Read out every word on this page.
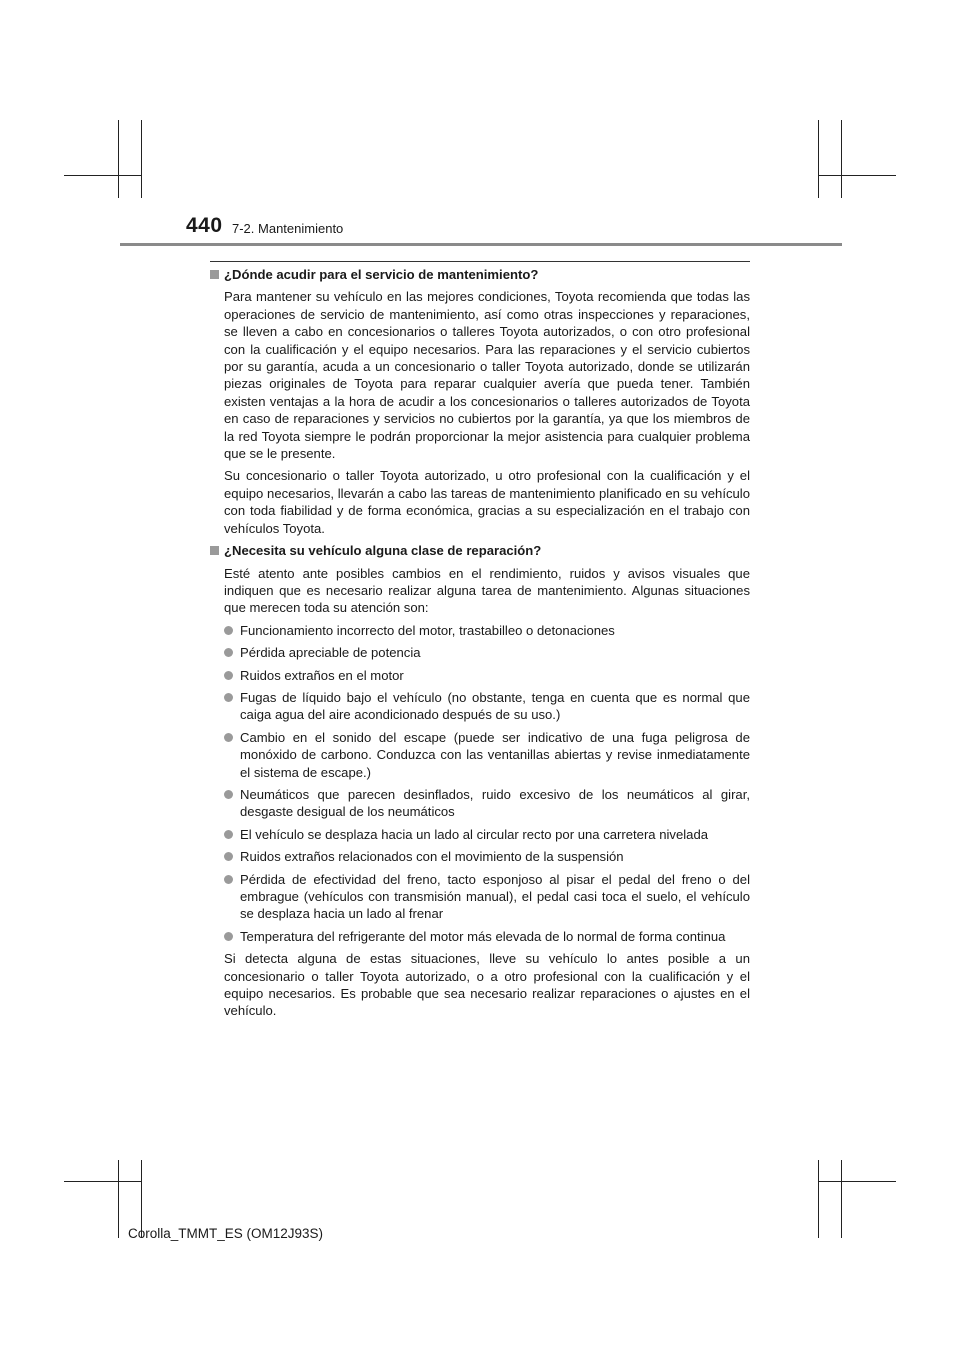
440 7-2. Mantenimiento
¿Dónde acudir para el servicio de mantenimiento?

Para mantener su vehículo en las mejores condiciones, Toyota recomienda que todas las operaciones de servicio de mantenimiento, así como otras inspecciones y reparaciones, se lleven a cabo en concesionarios o talleres Toyota autorizados, o con otro profesional con la cualificación y el equipo necesarios. Para las reparaciones y el servicio cubiertos por su garantía, acuda a un concesionario o taller Toyota autorizado, donde se utilizarán piezas originales de Toyota para reparar cualquier avería que pueda tener. También existen ventajas a la hora de acudir a los concesionarios o talleres autorizados de Toyota en caso de reparaciones y servicios no cubiertos por la garantía, ya que los miembros de la red Toyota siempre le podrán proporcionar la mejor asistencia para cualquier problema que se le presente.

Su concesionario o taller Toyota autorizado, u otro profesional con la cualificación y el equipo necesarios, llevarán a cabo las tareas de mantenimiento planificado en su vehículo con toda fiabilidad y de forma económica, gracias a su especialización en el trabajo con vehículos Toyota.

¿Necesita su vehículo alguna clase de reparación?

Esté atento ante posibles cambios en el rendimiento, ruidos y avisos visuales que indiquen que es necesario realizar alguna tarea de mantenimiento. Algunas situaciones que merecen toda su atención son:

Funcionamiento incorrecto del motor, trastabilleo o detonaciones
Pérdida apreciable de potencia
Ruidos extraños en el motor
Fugas de líquido bajo el vehículo (no obstante, tenga en cuenta que es normal que caiga agua del aire acondicionado después de su uso.)
Cambio en el sonido del escape (puede ser indicativo de una fuga peligrosa de monóxido de carbono. Conduzca con las ventanillas abiertas y revise inmediatamente el sistema de escape.)
Neumáticos que parecen desinflados, ruido excesivo de los neumáticos al girar, desgaste desigual de los neumáticos
El vehículo se desplaza hacia un lado al circular recto por una carretera nivelada
Ruidos extraños relacionados con el movimiento de la suspensión
Pérdida de efectividad del freno, tacto esponjoso al pisar el pedal del freno o del embrague (vehículos con transmisión manual), el pedal casi toca el suelo, el vehículo se desplaza hacia un lado al frenar
Temperatura del refrigerante del motor más elevada de lo normal de forma continua

Si detecta alguna de estas situaciones, lleve su vehículo lo antes posible a un concesionario o taller Toyota autorizado, o a otro profesional con la cualificación y el equipo necesarios. Es probable que sea necesario realizar reparaciones o ajustes en el vehículo.

Corolla_TMMT_ES (OM12J93S)
